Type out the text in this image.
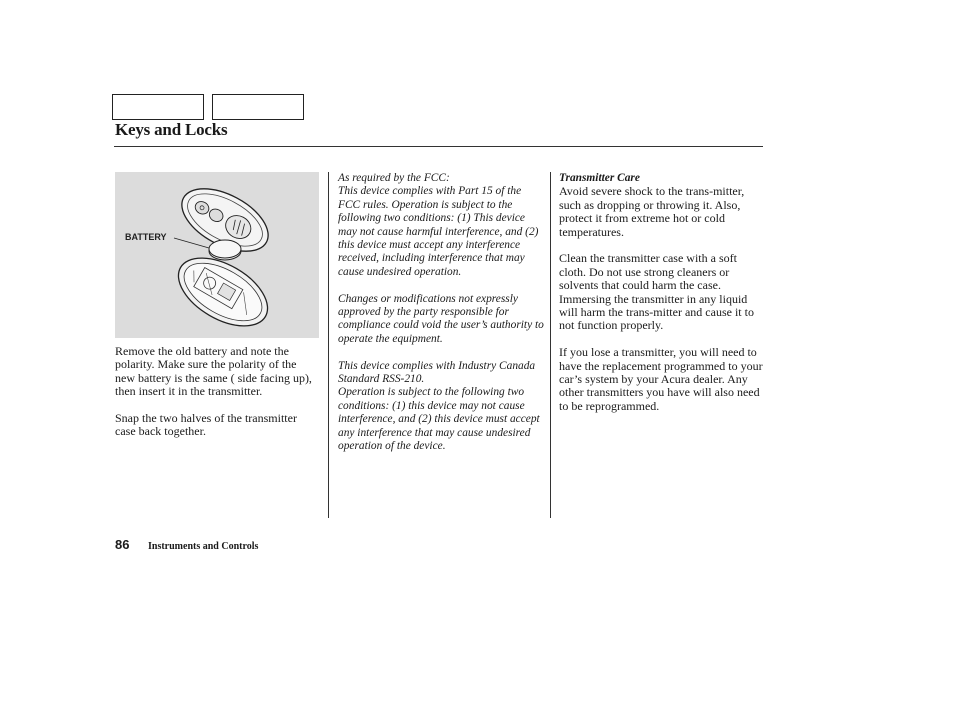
Keys and Locks
BATTERY

Remove the old battery and note the polarity. Make sure the polarity of the new battery is the same ( side facing up), then insert it in the transmitter.

Snap the two halves of the transmitter case back together.

As required by the FCC:
This device complies with Part 15 of the FCC rules. Operation is subject to the following two conditions: (1) This device may not cause harmful interference, and (2) this device must accept any interference received, including interference that may cause undesired operation.

Changes or modifications not expressly approved by the party responsible for compliance could void the user’s authority to operate the equipment.

This device complies with Industry Canada Standard RSS-210.
Operation is subject to the following two conditions: (1) this device may not cause interference, and (2) this device must accept any interference that may cause undesired operation of the device.

Transmitter Care

Avoid severe shock to the trans-mitter, such as dropping or throwing it. Also, protect it from extreme hot or cold temperatures.

Clean the transmitter case with a soft cloth. Do not use strong cleaners or solvents that could harm the case. Immersing the transmitter in any liquid will harm the trans-mitter and cause it to not function properly.

If you lose a transmitter, you will need to have the replacement programmed to your car’s system by your Acura dealer. Any other transmitters you have will also need to be reprogrammed.

86 Instruments and Controls
